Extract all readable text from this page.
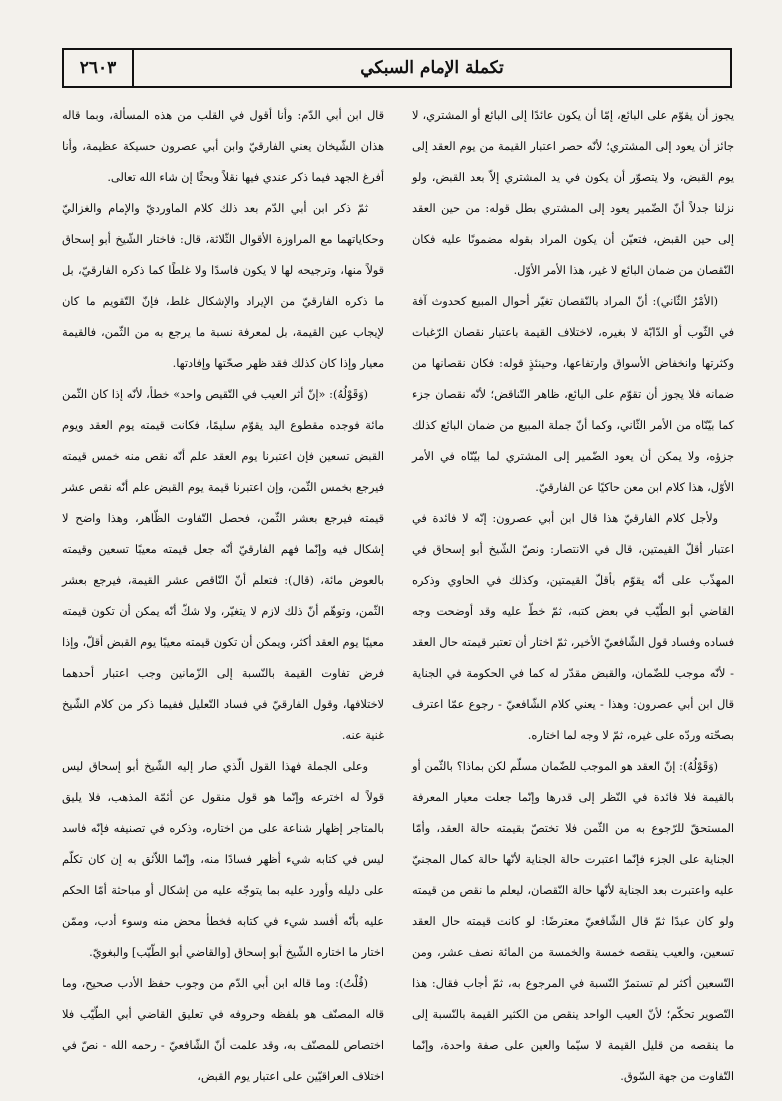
تكملة الإمام السبكي
٢٦٠٣

يجوز أن يقوّم على البائع، إمّا أن يكون عائدًا إلى البائع أو المشتري، لا جائز أن يعود إلى المشتري؛ لأنّه حصر اعتبار القيمة من يوم العقد إلى يوم القبض، ولا يتصوّر أن يكون في يد المشتري إلاّ بعد القبض، ولو نزلنا جدلاً أنّ الضّمير يعود إلى المشتري بطل قوله: من حين العقد إلى حين القبض، فتعيّن أن يكون المراد بقوله مضمونًا عليه فكان النّقصان من ضمان البائع لا غير، هذا الأمر الأوّل.

(الأمْرُ الثّاني): أنّ المراد بالنّقصان تغيّر أحوال المبيع كحدوث آفة في الثّوب أو الدّابّة لا بغيره، لاختلاف القيمة باعتبار نقصان الرّغبات وكثرتها وانخفاض الأسواق وارتفاعها، وحينئذٍ قوله: فكان نقصانها من ضمانه فلا يجوز أن تقوّم على البائع، ظاهر التّناقض؛ لأنّه نقصان جزء كما بيّنّاه من الأمر الثّاني، وكما أنّ جملة المبيع من ضمان البائع كذلك جزؤه، ولا يمكن أن يعود الضّمير إلى المشتري لما بيّنّاه في الأمر الأوّل، هذا كلام ابن معن حاكيًا عن الفارقيّ.

ولأجل كلام الفارقيّ هذا قال ابن أبي عصرون: إنّه لا فائدة في اعتبار أقلّ القيمتين، قال في الانتصار: ونصّ الشّيخ أبو إسحاق في المهذّب على أنّه يقوّم بأقلّ القيمتين، وكذلك في الحاوي وذكره القاضي أبو الطّيّب في بعض كتبه، ثمّ خطّ عليه وقد أوضحت وجه فساده وفساد قول الشّافعيّ الأخير، ثمّ اختار أن تعتبر قيمته حال العقد - لأنّه موجب للضّمان، والقبض مقدّر له كما في الحكومة في الجناية قال ابن أبي عصرون: وهذا - يعني كلام الشّافعيّ - رجوع عمّا اعترف بصحّته وردّه على غيره، ثمّ لا وجه لما اختاره.

(وَقَوْلُهُ): إنّ العقد هو الموجب للضّمان مسلّم لكن بماذا؟ بالثّمن أو بالقيمة فلا فائدة في النّظر إلى قدرها وإنّما جعلت معيار المعرفة المستحقّ للرّجوع به من الثّمن فلا تختصّ بقيمته حالة العقد، وأمّا الجناية على الجزء فإنّما اعتبرت حالة الجناية لأنّها حالة كمال المجنيّ عليه واعتبرت بعد الجناية لأنّها حالة النّقصان، ليعلم ما نقص من قيمته ولو كان عبدًا ثمّ قال الشّافعيّ معترضًا: لو كانت قيمته حال العقد تسعين، والعيب ينقصه خمسة والخمسة من المائة نصف عشر، ومن التّسعين أكثر لم تستمرّ النّسبة في المرجوع به، ثمّ أجاب فقال: هذا التّصوير تحكّم؛ لأنّ العيب الواحد ينقص من الكثير القيمة بالنّسبة إلى ما ينقصه من قليل القيمة لا سيّما والعين على صفة واحدة، وإنّما التّفاوت من جهة السّوق.

قال ابن أبي الدّم: وأنا أقول في القلب من هذه المسألة، وبما قاله هذان الشّيخان يعني الفارقيّ وابن أبي عصرون حسيكة عظيمة، وأنا أفرغ الجهد فيما ذكر عندي فيها نقلاً وبحثًا إن شاء الله تعالى.

ثمّ ذكر ابن أبي الدّم بعد ذلك كلام الماورديّ والإمام والغزاليّ وحكاياتهما مع المراوزة الأقوال الثّلاثة، قال: فاختار الشّيخ أبو إسحاق قولاً منها، وترجيحه لها لا يكون فاسدًا ولا غلطًا كما ذكره الفارقيّ، بل ما ذكره الفارقيّ من الإيراد والإشكال غلط، فإنّ التّقويم ما كان لإيجاب عين القيمة، بل لمعرفة نسبة ما يرجع به من الثّمن، فالقيمة معيار وإذا كان كذلك فقد ظهر صحّتها وإفادتها.

(وَقَوْلُهُ): «إنّ أثر العيب في التّقيص واحد» خطأ، لأنّه إذا كان الثّمن مائة فوجده مقطوع اليد يقوّم سليمًا، فكانت قيمته يوم العقد ويوم القبض تسعين فإن اعتبرنا يوم العقد علم أنّه نقص منه خمس قيمته فيرجع بخمس الثّمن، وإن اعتبرنا قيمة يوم القبض علم أنّه نقص عشر قيمته فيرجع بعشر الثّمن، فحصل التّفاوت الظّاهر، وهذا واضح لا إشكال فيه وإنّما فهم الفارقيّ أنّه جعل قيمته معيبًا تسعين وقيمته بالعوض مائة، (قال): فتعلم أنّ النّاقص عشر القيمة، فيرجع بعشر الثّمن، وتوهّم أنّ ذلك لازم لا يتغيّر، ولا شكّ أنّه يمكن أن تكون قيمته معيبًا يوم العقد أكثر، ويمكن أن تكون قيمته معيبًا يوم القبض أقلّ، وإذا فرض تفاوت القيمة بالنّسبة إلى الزّمانين وجب اعتبار أحدهما لاختلافها، وقول الفارقيّ في فساد التّعليل ففيما ذكر من كلام الشّيخ غنية عنه.

وعلى الجملة فهذا القول الّذي صار إليه الشّيخ أبو إسحاق ليس قولاً له اخترعه وإنّما هو قول منقول عن أئمّة المذهب، فلا يليق بالمتاجر إظهار شناعة على من اختاره، وذكره في تصنيفه فإنّه فاسد ليس في كتابه شيء أظهر فسادًا منه، وإنّما اللاّئق به إن كان تكلّم على دليله وأورد عليه بما يتوجّه عليه من إشكال أو مباحثة أمّا الحكم عليه بأنّه أفسد شيء في كتابه فخطأ محض منه وسوء أدب، وممّن اختار ما اختاره الشّيخ أبو إسحاق [والقاضي أبو الطّيّب] والبغويّ.

(قُلْتُ): وما قاله ابن أبي الدّم من وجوب حفظ الأدب صحيح، وما قاله المصنّف هو بلفظه وحروفه في تعليق القاضي أبي الطّيّب فلا اختصاص للمصنّف به، وقد علمت أنّ الشّافعيّ - رحمه الله - نصّ في اختلاف العراقيّين على اعتبار يوم القبض،
